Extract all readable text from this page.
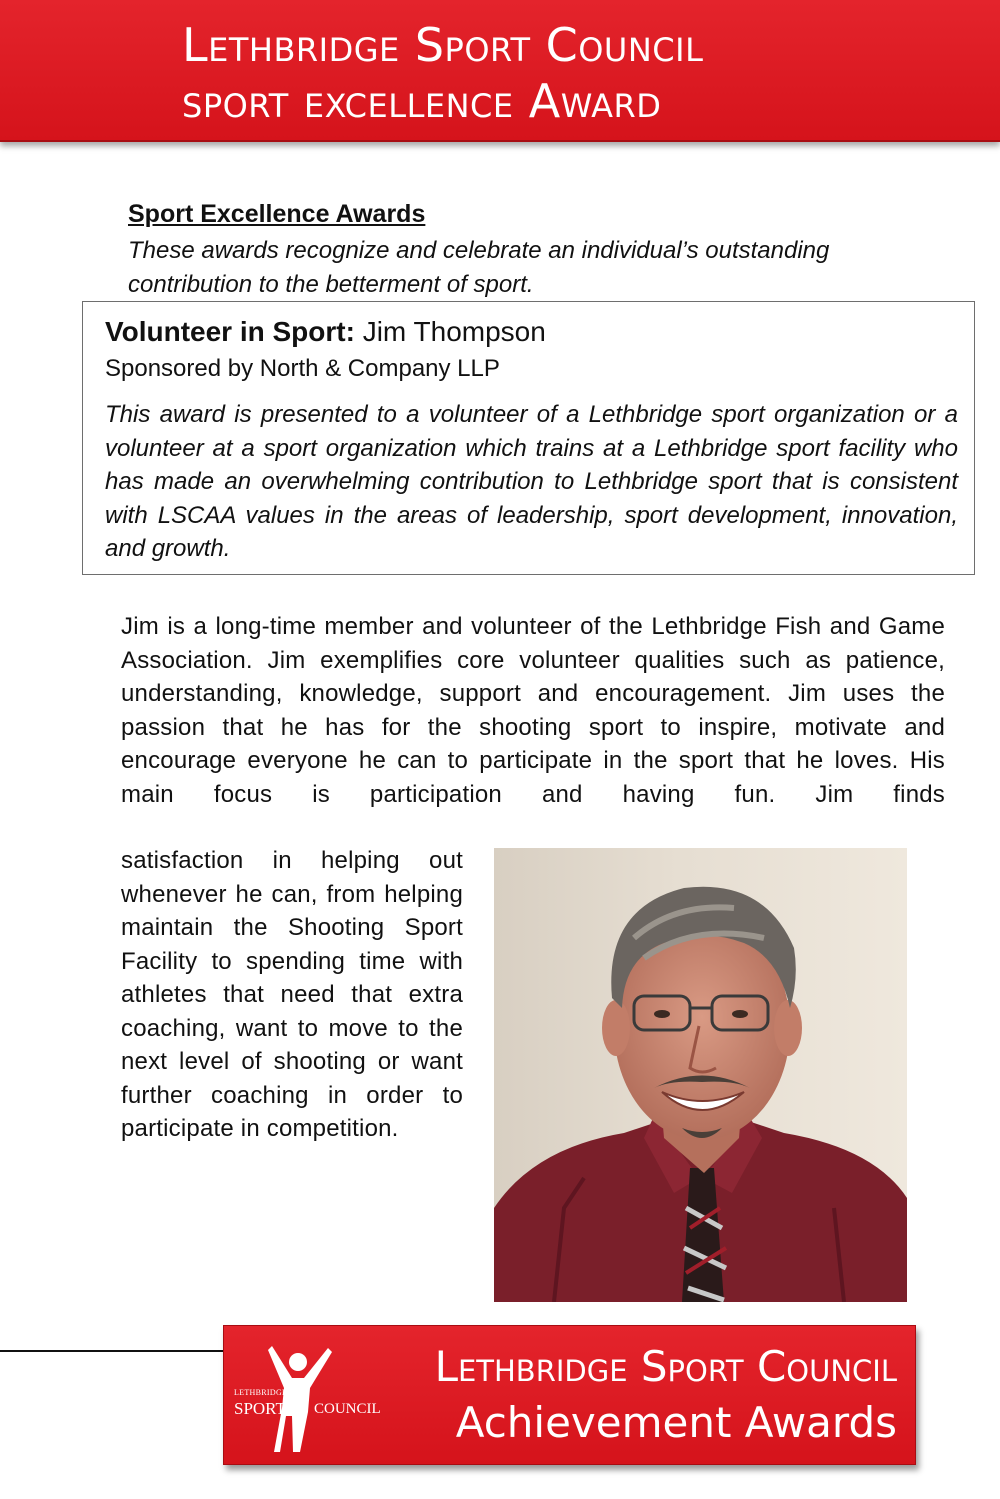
Lethbridge Sport Council
sport excellence Award
Sport Excellence Awards
These awards recognize and celebrate an individual’s outstanding contribution to the betterment of sport.
Volunteer in Sport: Jim Thompson
Sponsored by North & Company LLP
This award is presented to a volunteer of a Lethbridge sport organization or a volunteer at a sport organization which trains at a Lethbridge sport facility who has made an overwhelming contribution to Lethbridge sport that is consistent with LSCAA values in the areas of leadership, sport development, innovation, and growth.
Jim is a long-time member and volunteer of the Lethbridge Fish and Game Association. Jim exemplifies core volunteer qualities such as patience, understanding, knowledge, support and encouragement. Jim uses the passion that he has for the shooting sport to inspire, motivate and encourage everyone he can to participate in the sport that he loves. His main focus is participation and having fun. Jim finds
satisfaction in helping out whenever he can, from helping maintain the Shooting Sport Facility to spending time with athletes that need that extra coaching, want to move to the next level of shooting or want further coaching in order to participate in competition.
LETHBRIDGE
SPORT COUNCIL
Lethbridge Sport Council
Achievement Awards
